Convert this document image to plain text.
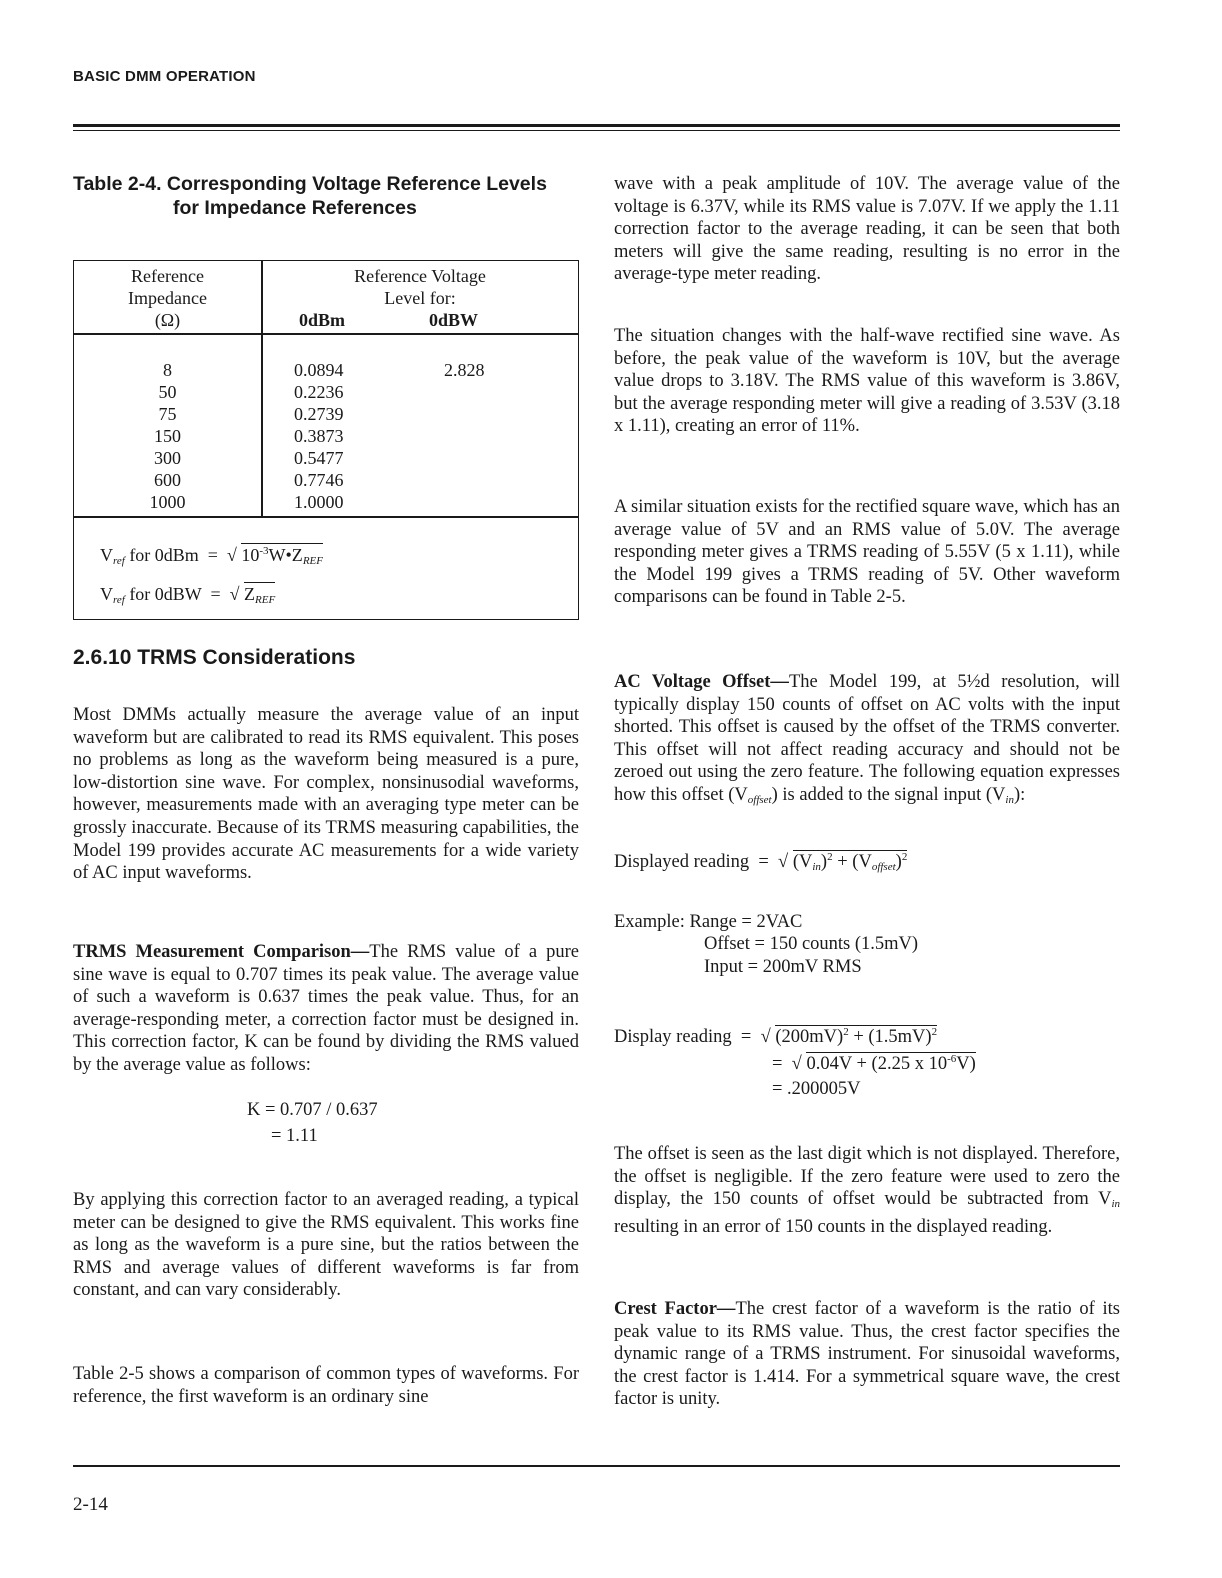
BASIC DMM OPERATION
Table 2-4. Corresponding Voltage Reference Levels
for Impedance References
Reference
Impedance
(Ω)
Reference Voltage
Level for:
0dBm	0dBW
8	0.0894	2.828
50	0.2236
75	0.2739
150	0.3873
300	0.5477
600	0.7746
1000	1.0000
$V_{ref}$ for 0dBm  =  √ $10^{-3}W•Z_{REF}$
$V_{ref}$ for 0dBW  =  √ $Z_{REF}$
2.6.10 TRMS Considerations
Most DMMs actually measure the average value of an input waveform but are calibrated to read its RMS equivalent. This poses no problems as long as the waveform being measured is a pure, low-distortion sine wave. For complex, nonsinusodial waveforms, however, measurements made with an averaging type meter can be grossly inaccurate. Because of its TRMS measuring capabilities, the Model 199 provides accurate AC measurements for a wide variety of AC input waveforms.
TRMS Measurement Comparison—The RMS value of a pure sine wave is equal to 0.707 times its peak value. The average value of such a waveform is 0.637 times the peak value. Thus, for an average-responding meter, a correction factor must be designed in. This correction factor, K can be found by dividing the RMS valued by the average value as follows:
K = 0.707 / 0.637
= 1.11
By applying this correction factor to an averaged reading, a typical meter can be designed to give the RMS equivalent. This works fine as long as the waveform is a pure sine, but the ratios between the RMS and average values of different waveforms is far from constant, and can vary considerably.
Table 2-5 shows a comparison of common types of waveforms. For reference, the first waveform is an ordinary sine
wave with a peak amplitude of 10V. The average value of the voltage is 6.37V, while its RMS value is 7.07V. If we apply the 1.11 correction factor to the average reading, it can be seen that both meters will give the same reading, resulting is no error in the average-type meter reading.
The situation changes with the half-wave rectified sine wave. As before, the peak value of the waveform is 10V, but the average value drops to 3.18V. The RMS value of this waveform is 3.86V, but the average responding meter will give a reading of 3.53V (3.18 x 1.11), creating an error of 11%.
A similar situation exists for the rectified square wave, which has an average value of 5V and an RMS value of 5.0V. The average responding meter gives a TRMS reading of 5.55V (5 x 1.11), while the Model 199 gives a TRMS reading of 5V. Other waveform comparisons can be found in Table 2-5.
AC Voltage Offset—The Model 199, at 5½d resolution, will typically display 150 counts of offset on AC volts with the input shorted. This offset is caused by the offset of the TRMS converter. This offset will not affect reading accuracy and should not be zeroed out using the zero feature. The following equation expresses how this offset $(V_{offset})$ is added to the signal input $(V_{in})$:
Displayed reading  =  √ $(V_{in})^2 + (V_{offset})^2$
Example: Range = 2VAC
Offset = 150 counts (1.5mV)
Input = 200mV RMS
Display reading  =  √ $(200mV)^2 + (1.5mV)^2$
=  √ 0.04V + (2.25 x $10^{-6}V$)
= .200005V
The offset is seen as the last digit which is not displayed. Therefore, the offset is negligible. If the zero feature were used to zero the display, the 150 counts of offset would be subtracted from $V_{in}$ resulting in an error of 150 counts in the displayed reading.
Crest Factor—The crest factor of a waveform is the ratio of its peak value to its RMS value. Thus, the crest factor specifies the dynamic range of a TRMS instrument. For sinusoidal waveforms, the crest factor is 1.414. For a symmetrical square wave, the crest factor is unity.
2-14
